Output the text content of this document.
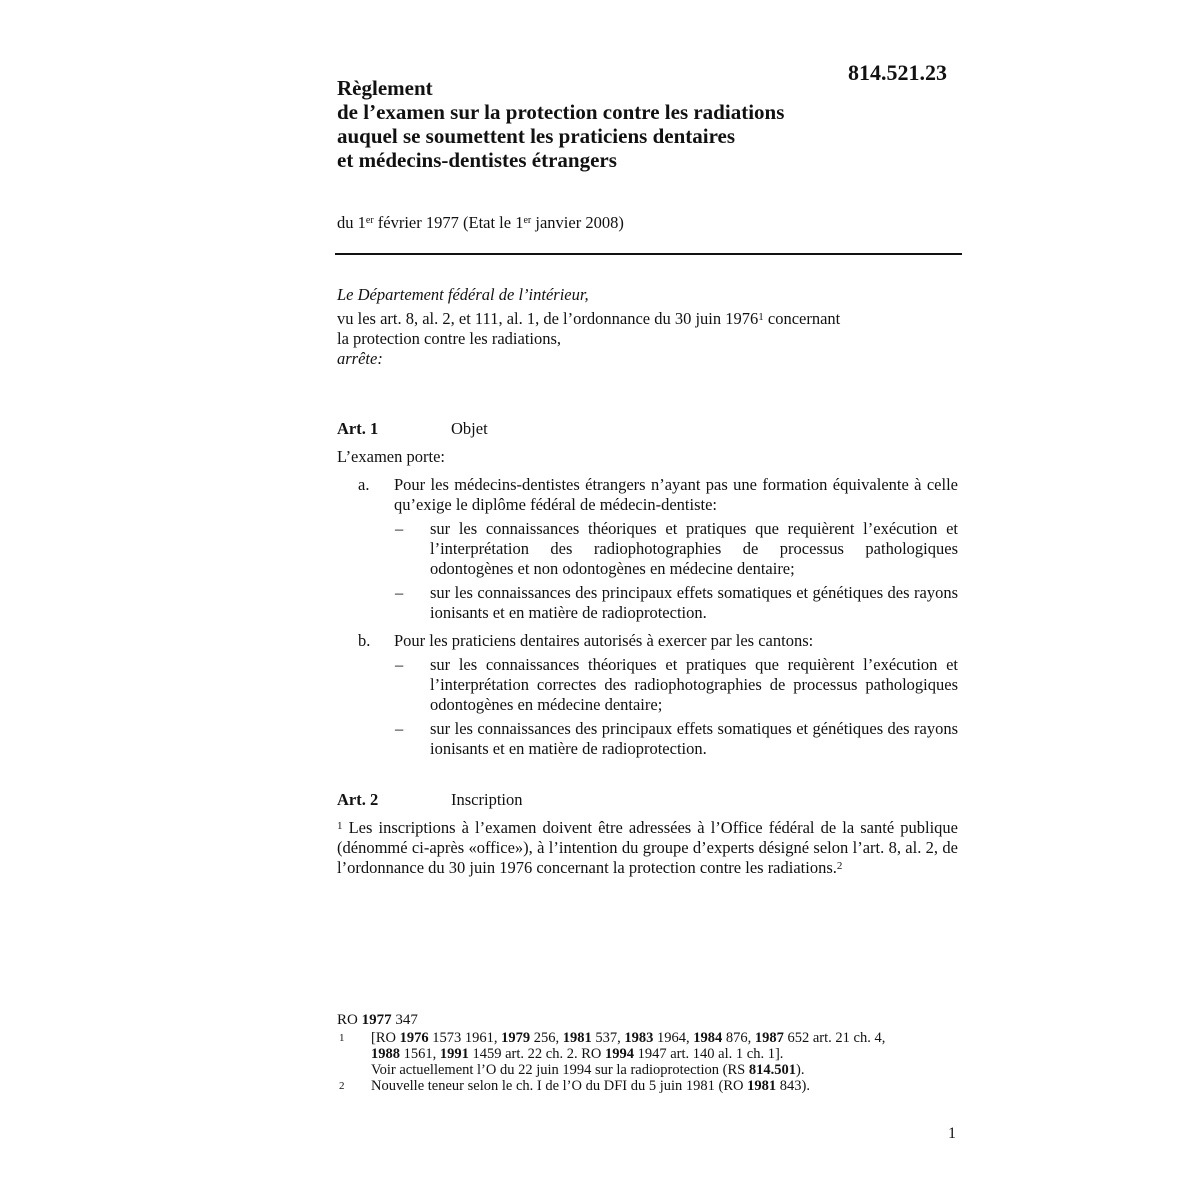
814.521.23
Règlement
de l’examen sur la protection contre les radiations
auquel se soumettent les praticiens dentaires
et médecins-dentistes étrangers
du 1er février 1977 (Etat le 1er janvier 2008)
Le Département fédéral de l’intérieur,
vu les art. 8, al. 2, et 111, al. 1, de l’ordonnance du 30 juin 1976$^1$ concernant
la protection contre les radiations,
arrête:
Art. 1	Objet
L’examen porte:
a. Pour les médecins-dentistes étrangers n’ayant pas une formation équivalente à celle qu’exige le diplôme fédéral de médecin-dentiste:
– sur les connaissances théoriques et pratiques que requièrent l’exécution et l’interprétation des radiophotographies de processus pathologiques odontogènes et non odontogènes en médecine dentaire;
– sur les connaissances des principaux effets somatiques et génétiques des rayons ionisants et en matière de radioprotection.
b. Pour les praticiens dentaires autorisés à exercer par les cantons:
– sur les connaissances théoriques et pratiques que requièrent l’exécution et l’interprétation correctes des radiophotographies de processus pathologiques odontogènes en médecine dentaire;
– sur les connaissances des principaux effets somatiques et génétiques des rayons ionisants et en matière de radioprotection.
Art. 2	Inscription
$^1$ Les inscriptions à l’examen doivent être adressées à l’Office fédéral de la santé publique (dénommé ci-après «office»), à l’intention du groupe d’experts désigné selon l’art. 8, al. 2, de l’ordonnance du 30 juin 1976 concernant la protection contre les radiations.$^2$
RO 1977 347
1 [RO 1976 1573 1961, 1979 256, 1981 537, 1983 1964, 1984 876, 1987 652 art. 21 ch. 4,
1988 1561, 1991 1459 art. 22 ch. 2. RO 1994 1947 art. 140 al. 1 ch. 1].
Voir actuellement l’O du 22 juin 1994 sur la radioprotection (RS 814.501).
2 Nouvelle teneur selon le ch. I de l’O du DFI du 5 juin 1981 (RO 1981 843).
1
